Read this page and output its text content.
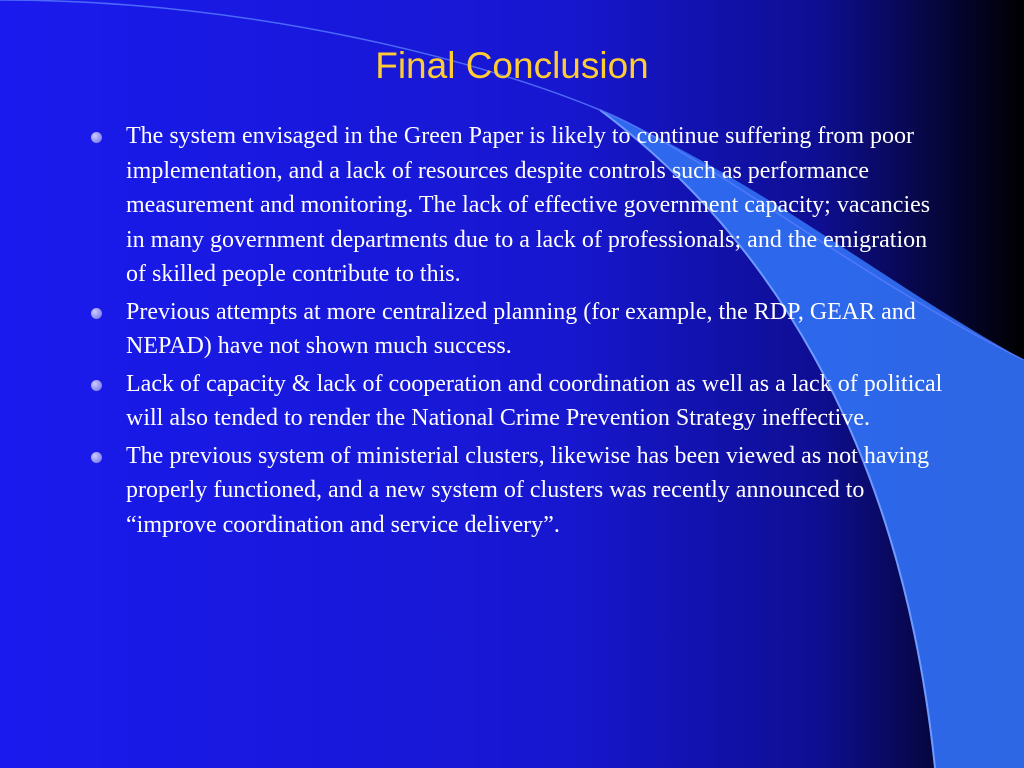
Final Conclusion
The system envisaged in the Green Paper is likely to continue suffering from poor implementation, and a lack of resources despite controls such as performance measurement and monitoring. The lack of effective government capacity; vacancies in many government departments due to a lack of professionals; and the emigration of skilled people contribute to this.
Previous attempts at more centralized planning (for example, the RDP, GEAR and NEPAD) have not shown much success.
Lack of capacity & lack of cooperation and coordination as well as a lack of political will also tended to render the National Crime Prevention Strategy ineffective.
The previous system of ministerial clusters, likewise has been viewed as not having properly functioned, and a new system of clusters was recently announced to “improve coordination and service delivery”.
